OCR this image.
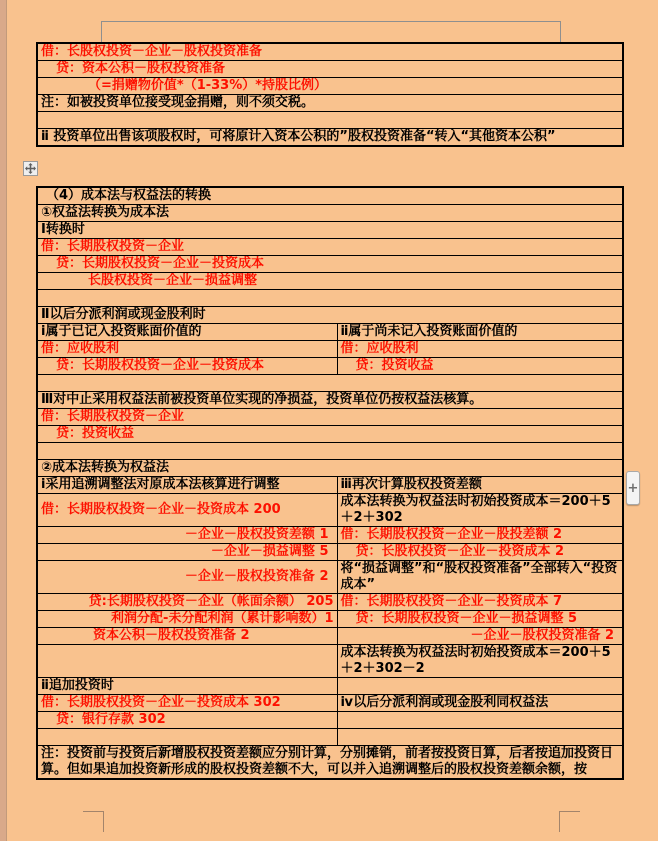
借：长股权投资－企业－股权投资准备
贷：资本公积－股权投资准备
（=捐赠物价值*（1-33%）*持股比例）
注：如被投资单位接受现金捐赠，则不须交税。

ⅱ 投资单位出售该项股权时，可将原计入资本公积的”股权投资准备“转入“其他资本公积”
（4）成本法与权益法的转换	
①权益法转换为成本法	
Ⅰ转换时	
借：长期股权投资－企业	
贷：长期股权投资－企业－投资成本	
长股权投资－企业－损益调整	

Ⅱ以后分派利润或现金股利时	
ⅰ属于已记入投资账面价值的	ⅱ属于尚未记入投资账面价值的
借：应收股利	借：应收股利
贷：长期股权投资－企业－投资成本	贷：投资收益

Ⅲ对中止采用权益法前被投资单位实现的净损益，投资单位仍按权益法核算。	
借：长期股权投资－企业	
贷：投资收益	

②成本法转换为权益法	
ⅰ采用追溯调整法对原成本法核算进行调整	ⅲ再次计算股权投资差额
借：长期股权投资－企业－投资成本 200	成本法转换为权益法时初始投资成本＝200＋5＋2＋302
－企业－股权投资差额 1	借：长期股权投资－企业－股投差额 2
－企业－损益调整 5	贷：长股权投资－企业－投资成本 2
－企业－股权投资准备 2	将“损益调整”和“股权投资准备”全部转入“投资成本”
贷:长期股权投资－企业（帐面余额） 205	借：长期股权投资－企业－投资成本 7
利润分配-未分配利润（累计影响数）1	贷：长期股权投资－企业－损益调整 5
资本公积－股权投资准备 2	－企业－股权投资准备 2
	成本法转换为权益法时初始投资成本＝200＋5＋2＋302－2
ⅱ追加投资时	
借：长期股权投资－企业－投资成本 302	ⅳ以后分派利润或现金股利同权益法
贷：银行存款 302	

注：投资前与投资后新增股权投资差额应分别计算，分别摊销，前者按投资日算，后者按追加投资日算。但如果追加投资新形成的股权投资差额不大，可以并入追溯调整后的股权投资差额余额，按	
+
